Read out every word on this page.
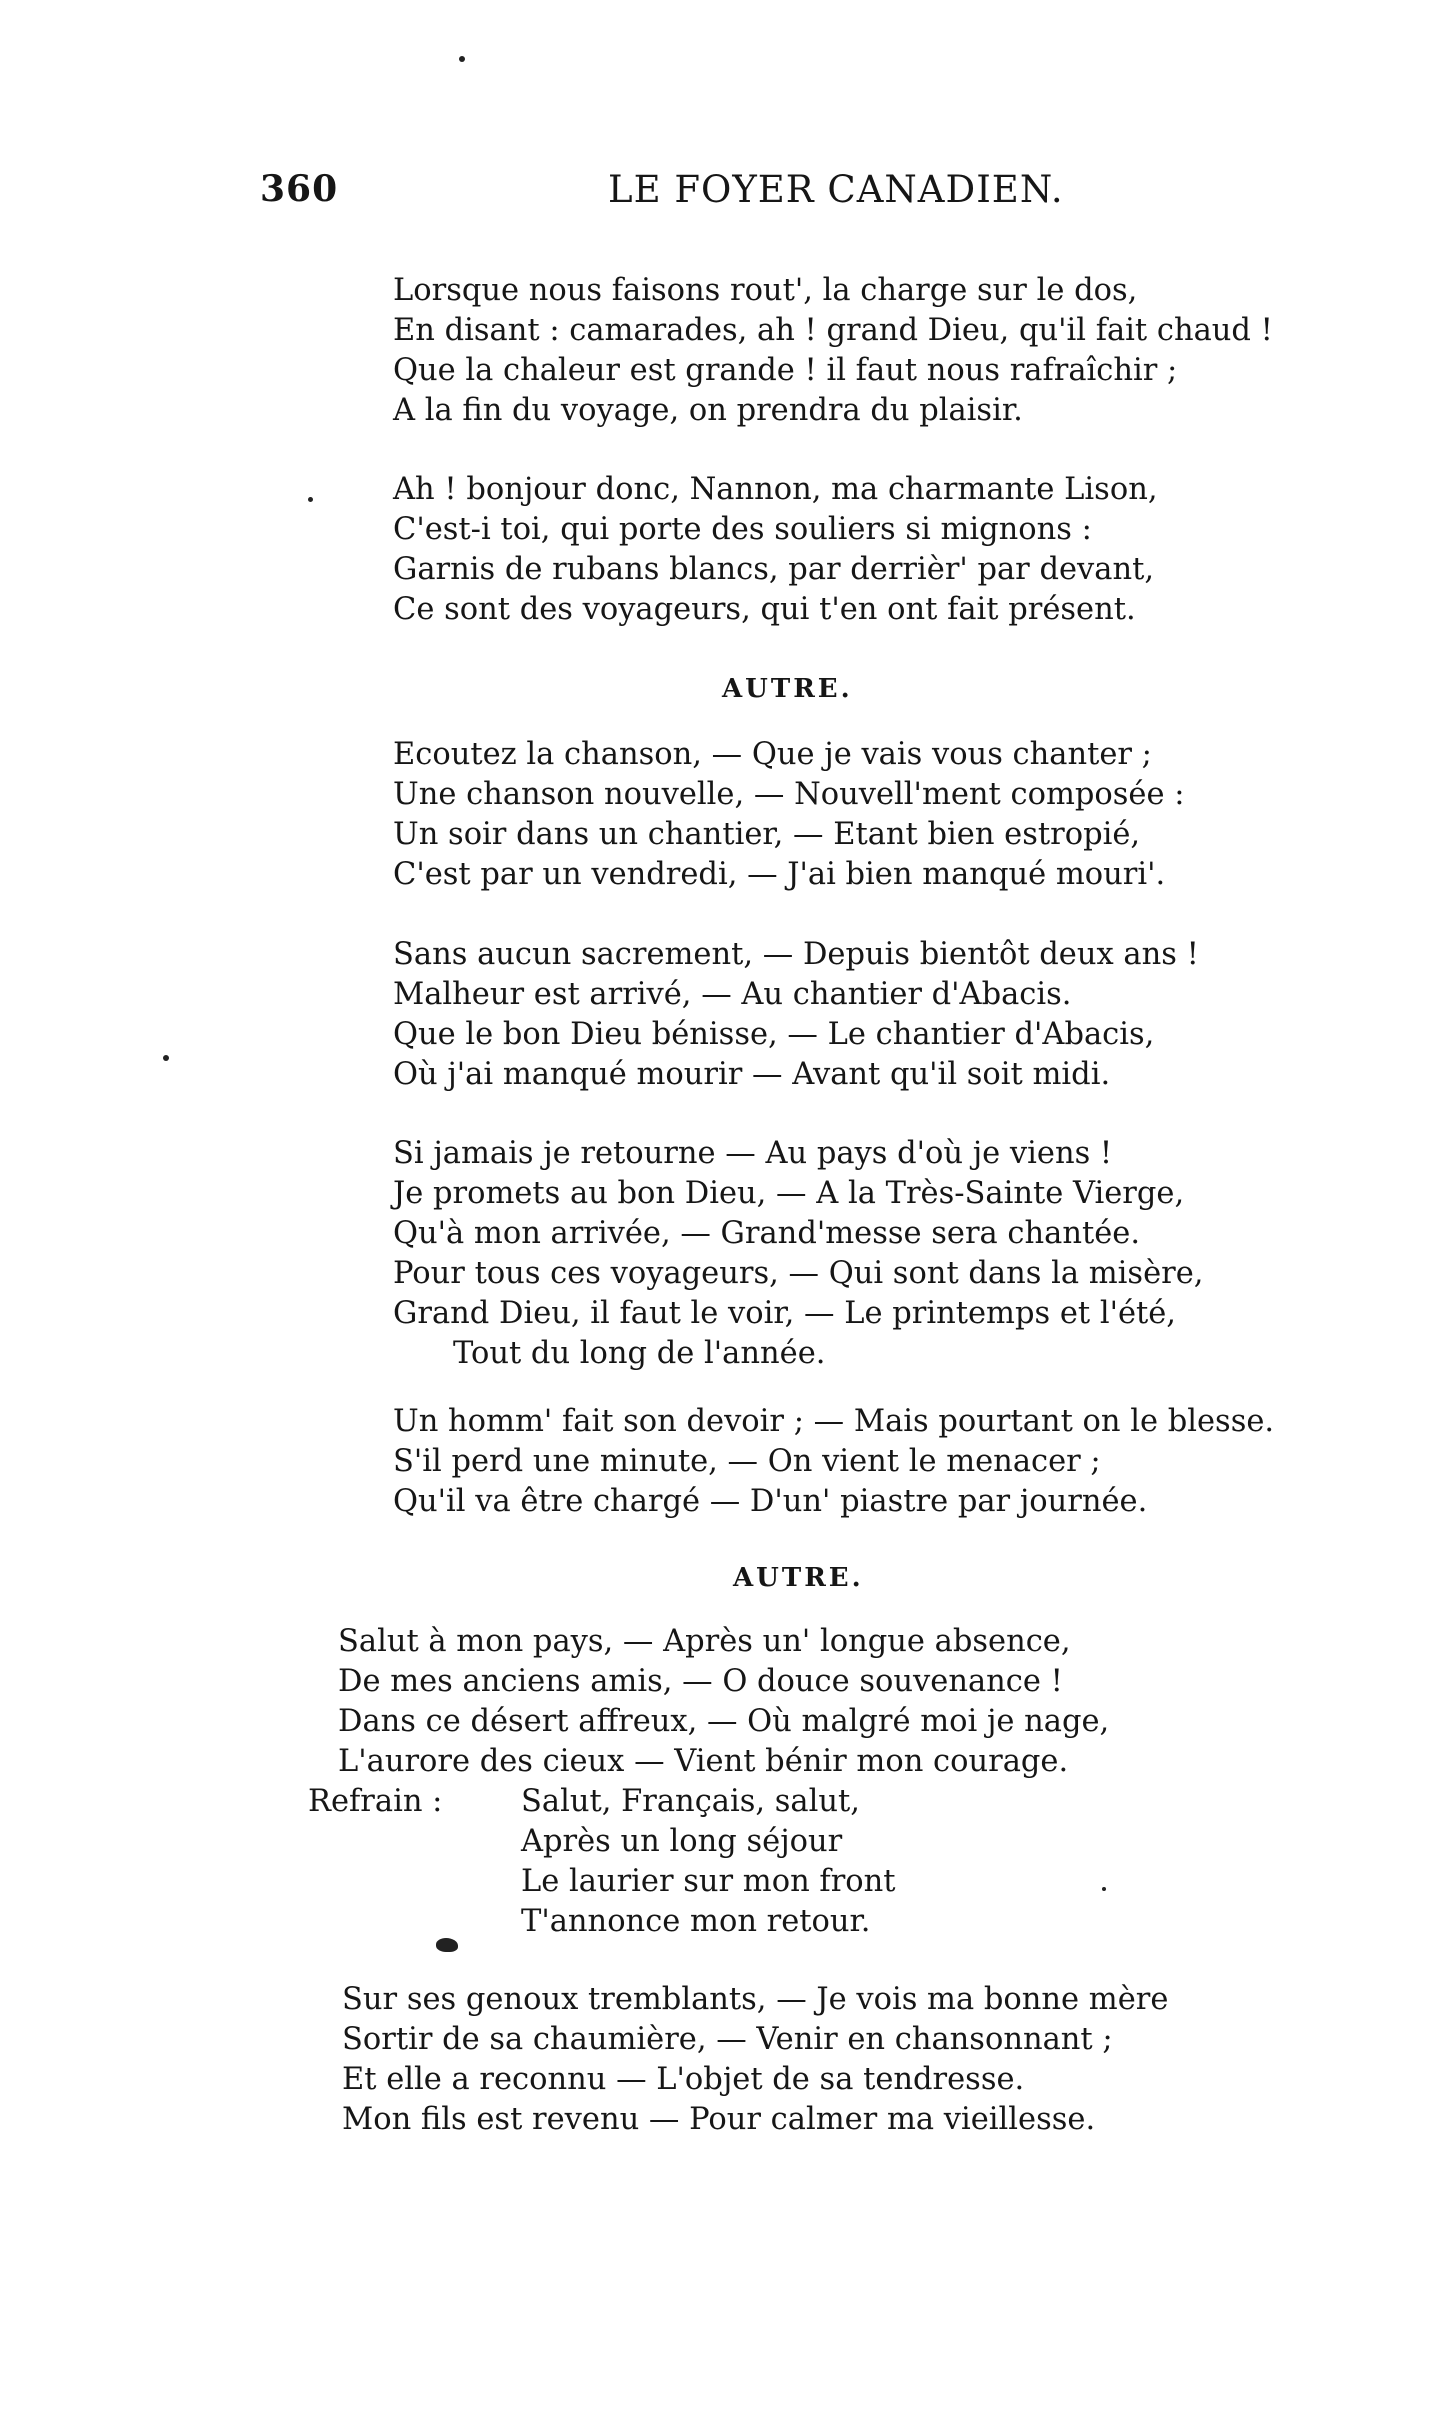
360	LE FOYER CANADIEN.
Lorsque nous faisons rout', la charge sur le dos,
En disant : camarades, ah ! grand Dieu, qu'il fait chaud !
Que la chaleur est grande ! il faut nous rafraîchir ;
A la fin du voyage, on prendra du plaisir.
Ah ! bonjour donc, Nannon, ma charmante Lison,
C'est-i toi, qui porte des souliers si mignons :
Garnis de rubans blancs, par derrièr' par devant,
Ce sont des voyageurs, qui t'en ont fait présent.
AUTRE.
Ecoutez la chanson, — Que je vais vous chanter ;
Une chanson nouvelle, — Nouvell'ment composée :
Un soir dans un chantier, — Etant bien estropié,
C'est par un vendredi, — J'ai bien manqué mouri'.
Sans aucun sacrement, — Depuis bientôt deux ans !
Malheur est arrivé, — Au chantier d'Abacis.
Que le bon Dieu bénisse, — Le chantier d'Abacis,
Où j'ai manqué mourir — Avant qu'il soit midi.
Si jamais je retourne — Au pays d'où je viens !
Je promets au bon Dieu, — A la Très-Sainte Vierge,
Qu'à mon arrivée, — Grand'messe sera chantée.
Pour tous ces voyageurs, — Qui sont dans la misère,
Grand Dieu, il faut le voir, — Le printemps et l'été,
Tout du long de l'année.
Un homm' fait son devoir ; — Mais pourtant on le blesse.
S'il perd une minute, — On vient le menacer ;
Qu'il va être chargé — D'un' piastre par journée.
AUTRE.
Salut à mon pays, — Après un' longue absence,
De mes anciens amis, — O douce souvenance !
Dans ce désert affreux, — Où malgré moi je nage,
L'aurore des cieux — Vient bénir mon courage.
Refrain :	Salut, Français, salut,
Après un long séjour
Le laurier sur mon front
T'annonce mon retour.
Sur ses genoux tremblants, — Je vois ma bonne mère
Sortir de sa chaumière, — Venir en chansonnant ;
Et elle a reconnu — L'objet de sa tendresse.
Mon fils est revenu — Pour calmer ma vieillesse.
